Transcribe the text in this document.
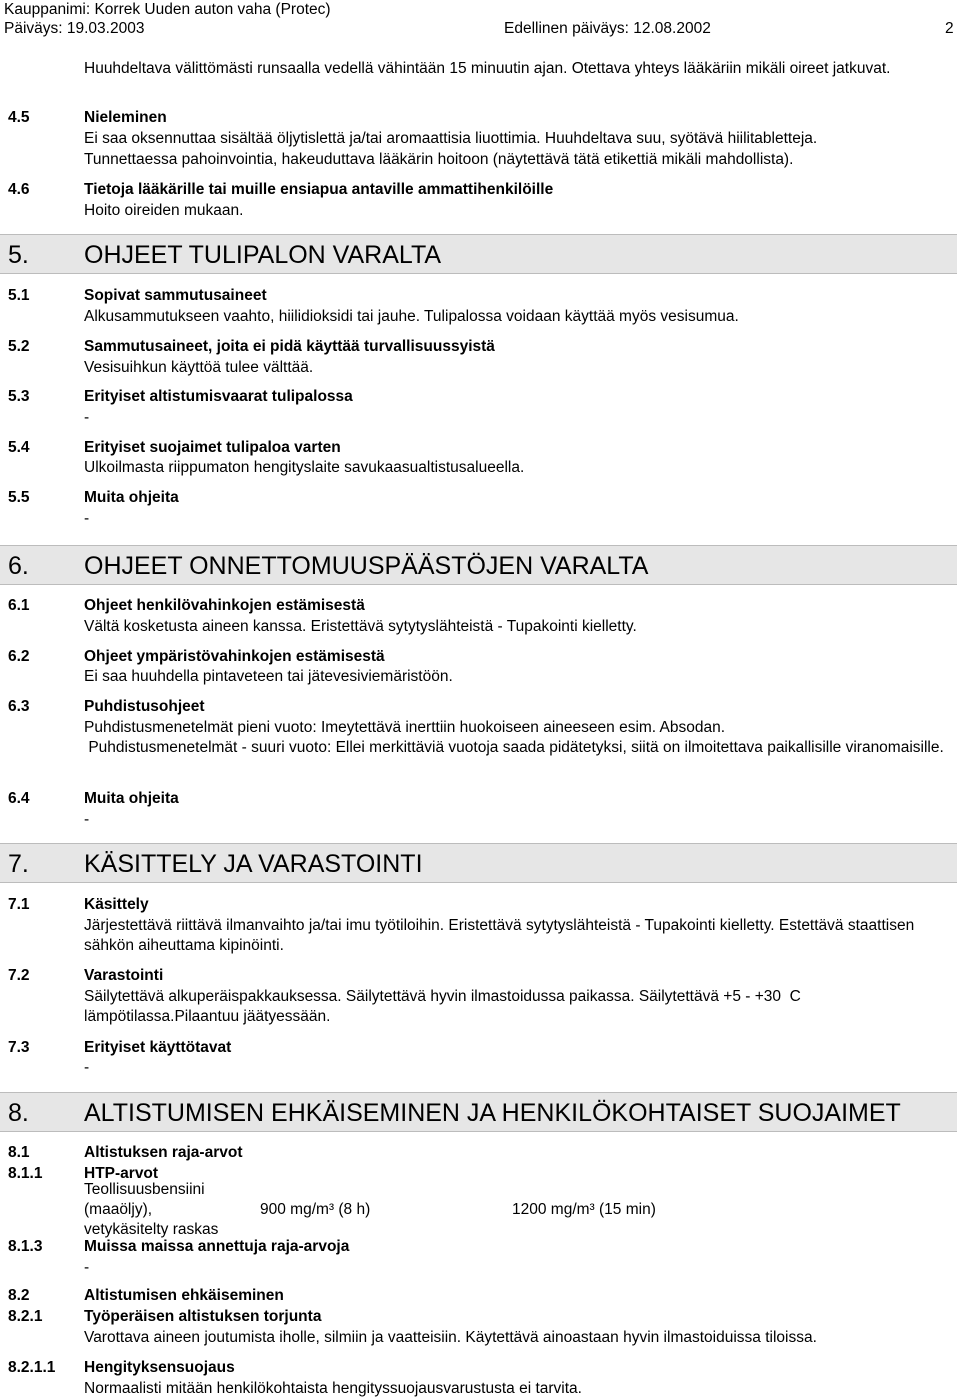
Kauppanimi: Korrek Uuden auton vaha (Protec)
Päiväys: 19.03.2003	Edellinen päiväys: 12.08.2002	2
Huuhdeltava välittömästi runsaalla vedellä vähintään 15 minuutin ajan. Otettava yhteys lääkäriin mikäli oireet jatkuvat.
4.5	Nieleminen
Ei saa oksennuttaa sisältää öljytislettä ja/tai aromaattisia liuottimia. Huuhdeltava suu, syötävä hiilitabletteja.
Tunnettaessa pahoinvointia, hakeuduttava lääkärin hoitoon (näytettävä tätä etikettiä mikäli mahdollista).
4.6	Tietoja lääkärille tai muille ensiapua antaville ammattihenkilöille
Hoito oireiden mukaan.
5. OHJEET TULIPALON VARALTA
5.1	Sopivat sammutusaineet
Alkusammutukseen vaahto, hiilidioksidi tai jauhe. Tulipalossa voidaan käyttää myös vesisumua.
5.2	Sammutusaineet, joita ei pidä käyttää turvallisuussyistä
Vesisuihkun käyttöä tulee välttää.
5.3	Erityiset altistumisvaarat tulipalossa
-
5.4	Erityiset suojaimet tulipaloa varten
Ulkoilmasta riippumaton hengityslaite savukaasualtistusalueella.
5.5	Muita ohjeita
-
6. OHJEET ONNETTOMUUSPÄÄSTÖJEN VARALTA
6.1	Ohjeet henkilövahinkojen estämisestä
Vältä kosketusta aineen kanssa. Eristettävä sytytyslähteistä - Tupakointi kielletty.
6.2	Ohjeet ympäristövahinkojen estämisestä
Ei saa huuhdella pintaveteen tai jätevesiviemäristöön.
6.3	Puhdistusohjeet
Puhdistusmenetelmät pieni vuoto: Imeytettävä inerttiin huokoiseen aineeseen esim. Absodan.
Puhdistusmenetelmät - suuri vuoto: Ellei merkittäviä vuotoja saada pidätetyksi, siitä on ilmoitettava paikallisille viranomaisille.
6.4	Muita ohjeita
-
7. KÄSITTELY JA VARASTOINTI
7.1	Käsittely
Järjestettävä riittävä ilmanvaihto ja/tai imu työtiloihin. Eristettävä sytytyslähteistä - Tupakointi kielletty. Estettävä staattisen sähkön aiheuttama kipinöinti.
7.2	Varastointi
Säilytettävä alkuperäispakkauksessa. Säilytettävä hyvin ilmastoidussa paikassa. Säilytettävä +5 - +30  C lämpötilassa.Pilaantuu jäätyessään.
7.3	Erityiset käyttötavat
-
8. ALTISTUMISEN EHKÄISEMINEN JA HENKILÖKOHTAISET SUOJAIMET
8.1	Altistuksen raja-arvot
8.1.1	HTP-arvot
Teollisuusbensiini
(maaöljy),
vetykäsitelty raskas
900 mg/m³ (8 h)	1200 mg/m³ (15 min)
8.1.3	Muissa maissa annettuja raja-arvoja
-
8.2	Altistumisen ehkäiseminen
8.2.1	Työperäisen altistuksen torjunta
Varottava aineen joutumista iholle, silmiin ja vaatteisiin. Käytettävä ainoastaan hyvin ilmastoiduissa tiloissa.
8.2.1.1 Hengityksensuojaus
Normaalisti mitään henkilökohtaista hengityssuojausvarustusta ei tarvita.
